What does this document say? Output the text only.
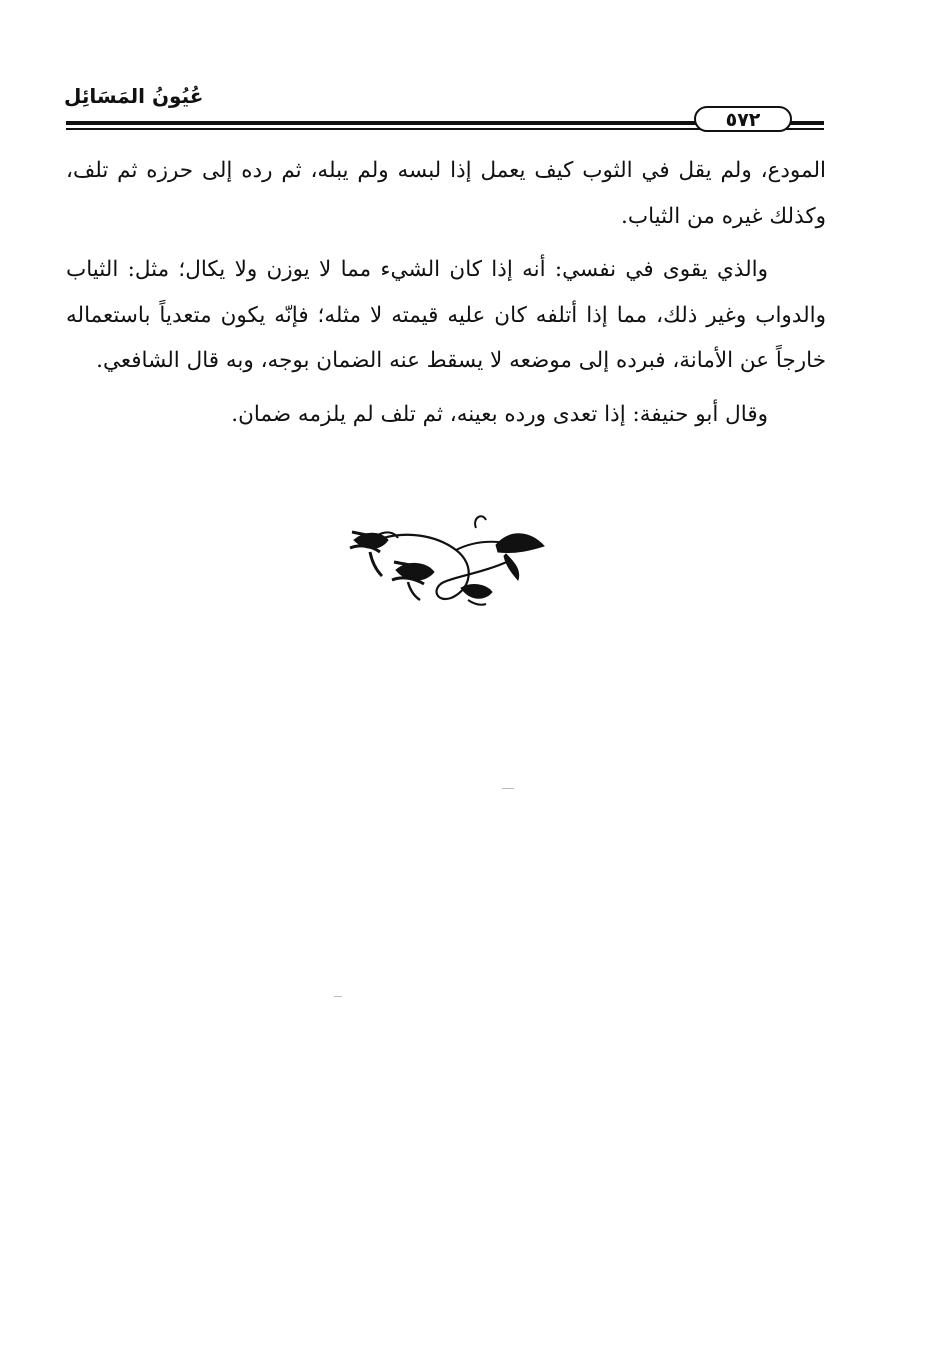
عُيُونُ المَسَائِل
٥٧٢

المودع، ولم يقل في الثوب كيف يعمل إذا لبسه ولم يبله، ثم رده إلى حرزه ثم تلف، وكذلك غيره من الثياب.

والذي يقوى في نفسي: أنه إذا كان الشيء مما لا يوزن ولا يكال؛ مثل: الثياب والدواب وغير ذلك، مما إذا أتلفه كان عليه قيمته لا مثله؛ فإنّه يكون متعدياً باستعماله خارجاً عن الأمانة، فبرده إلى موضعه لا يسقط عنه الضمان بوجه، وبه قال الشافعي.

وقال أبو حنيفة: إذا تعدى ورده بعينه، ثم تلف لم يلزمه ضمان.
